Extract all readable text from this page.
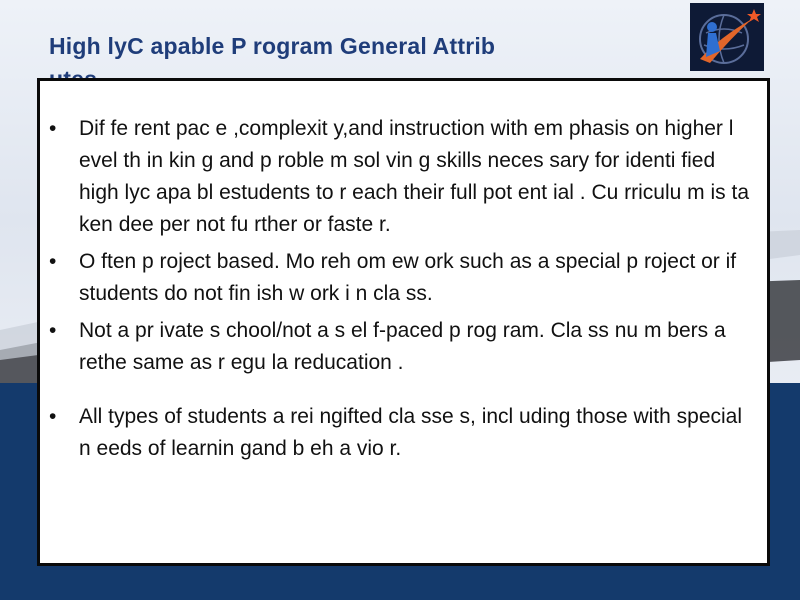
High lyC apable P rogram General Attrib
• Dif fe rent pac e ,complexit y,and instruction with em phasis on higher l evel th in kin g and p roble m sol vin g skills neces sary for identi fied high lyc apa bl estudents to r each their full pot ent ial . Cu rriculu m is ta ken dee per not fu rther or faste r.
• O ften p roject based. Mo reh om ew ork such as a special p roject or if students do not fin ish w ork i n cla ss.
• Not a pr ivate s chool/not a s el f-paced p rog ram. Cla ss nu m bers a rethe same as r egu la reducation .
• All types of students a rei ngifted cla sse s, incl uding those with special n eeds of learnin gand b eh a vio r.
